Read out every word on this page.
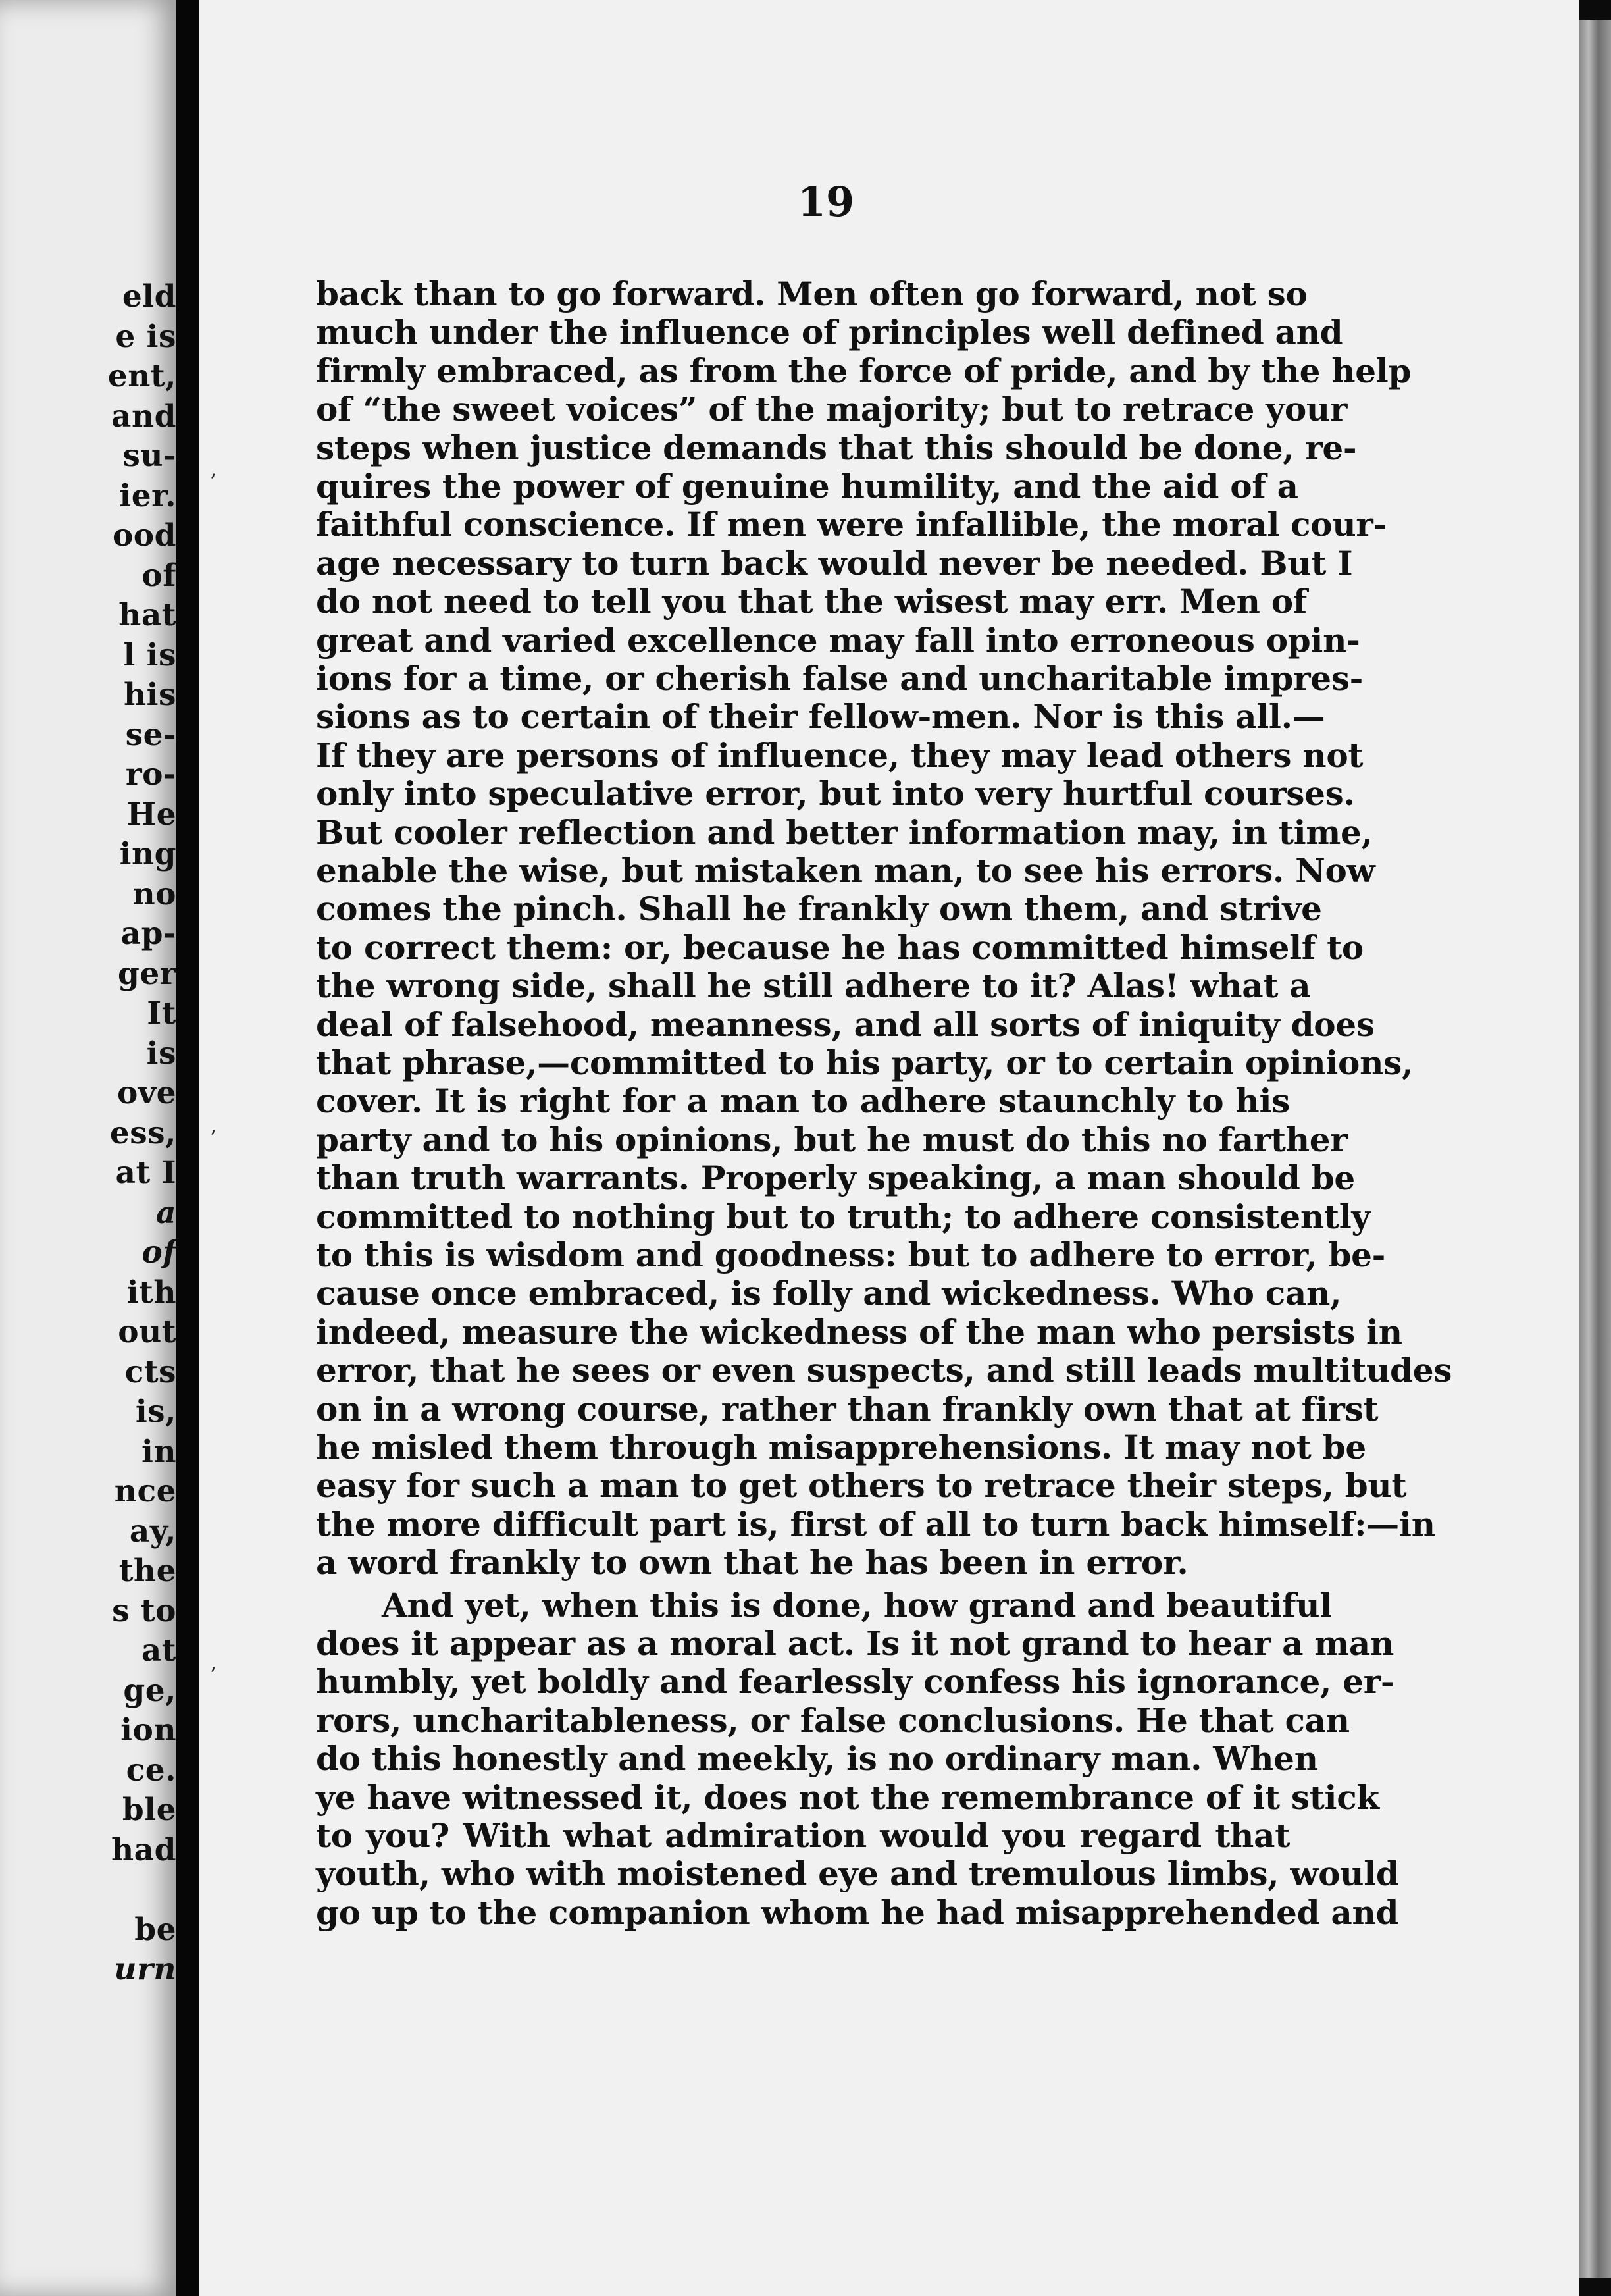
19
ʼ
ʼ
ʼ
eld
e is
ent,
and
su-
ier.
ood
of
hat
l is
his
se-
ro-
He
ing
no
ap-
ger
It
is
ove
ess,
at I
a
of
ith
out
cts
is,
in
nce
ay,
the
s to
at
ge,
ion
ce.
ble
had
be
urn
back than to go forward. Men often go forward, not so
much under the influence of principles well defined and
firmly embraced, as from the force of pride, and by the help
of “the sweet voices” of the majority; but to retrace your
steps when justice demands that this should be done, re-
quires the power of genuine humility, and the aid of a
faithful conscience. If men were infallible, the moral cour-
age necessary to turn back would never be needed. But I
do not need to tell you that the wisest may err. Men of
great and varied excellence may fall into erroneous opin-
ions for a time, or cherish false and uncharitable impres-
sions as to certain of their fellow-men. Nor is this all.—
If they are persons of influence, they may lead others not
only into speculative error, but into very hurtful courses.
But cooler reflection and better information may, in time,
enable the wise, but mistaken man, to see his errors. Now
comes the pinch. Shall he frankly own them, and strive
to correct them: or, because he has committed himself to
the wrong side, shall he still adhere to it? Alas! what a
deal of falsehood, meanness, and all sorts of iniquity does
that phrase,—committed to his party, or to certain opinions,
cover. It is right for a man to adhere staunchly to his
party and to his opinions, but he must do this no farther
than truth warrants. Properly speaking, a man should be
committed to nothing but to truth; to adhere consistently
to this is wisdom and goodness: but to adhere to error, be-
cause once embraced, is folly and wickedness. Who can,
indeed, measure the wickedness of the man who persists in
error, that he sees or even suspects, and still leads multitudes
on in a wrong course, rather than frankly own that at first
he misled them through misapprehensions. It may not be
easy for such a man to get others to retrace their steps, but
the more difficult part is, first of all to turn back himself:—in
a word frankly to own that he has been in error.
And yet, when this is done, how grand and beautiful
does it appear as a moral act. Is it not grand to hear a man
humbly, yet boldly and fearlessly confess his ignorance, er-
rors, uncharitableness, or false conclusions. He that can
do this honestly and meekly, is no ordinary man. When
ye have witnessed it, does not the remembrance of it stick
to you? With what admiration would you regard that
youth, who with moistened eye and tremulous limbs, would
go up to the companion whom he had misapprehended and
